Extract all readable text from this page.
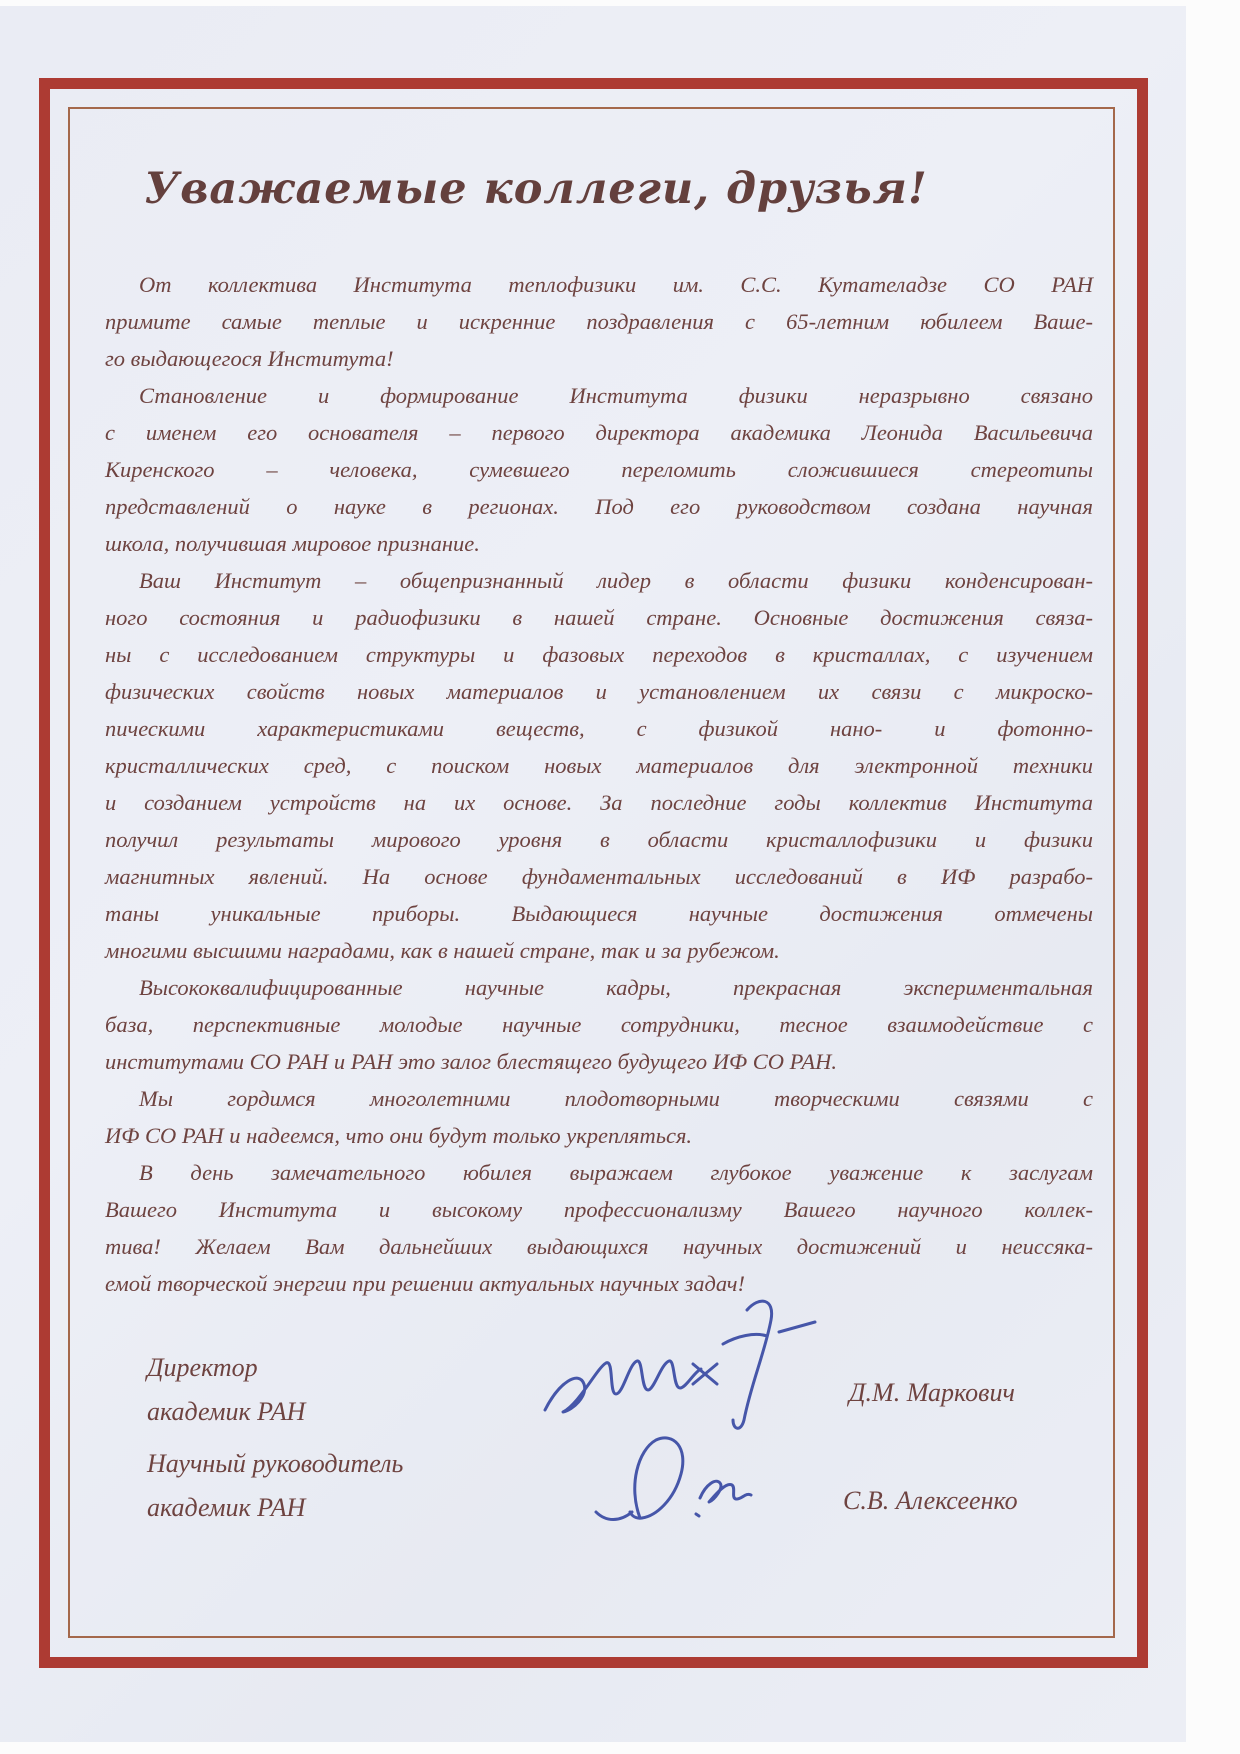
Уважаемые коллеги, друзья!
От коллектива Института теплофизики им. С.С. Кутателадзе СО РАН
примите самые теплые и искренние поздравления с 65-летним юбилеем Ваше-
го выдающегося Института!
Становление и формирование Института физики неразрывно связано
с именем его основателя – первого директора академика Леонида Васильевича
Киренского – человека, сумевшего переломить сложившиеся стереотипы
представлений о науке в регионах. Под его руководством создана научная
школа, получившая мировое признание.
Ваш Институт – общепризнанный лидер в области физики конденсирован-
ного состояния и радиофизики в нашей стране. Основные достижения связа-
ны с исследованием структуры и фазовых переходов в кристаллах, с изучением
физических свойств новых материалов и установлением их связи с микроско-
пическими характеристиками веществ, с физикой нано- и фотонно-
кристаллических сред, с поиском новых материалов для электронной техники
и созданием устройств на их основе. За последние годы коллектив Института
получил результаты мирового уровня в области кристаллофизики и физики
магнитных явлений. На основе фундаментальных исследований в ИФ разрабо-
таны уникальные приборы. Выдающиеся научные достижения отмечены
многими высшими наградами, как в нашей стране, так и за рубежом.
Высококвалифицированные научные кадры, прекрасная экспериментальная
база, перспективные молодые научные сотрудники, тесное взаимодействие с
институтами СО РАН и РАН это залог блестящего будущего ИФ СО РАН.
Мы гордимся многолетними плодотворными творческими связями с
ИФ СО РАН и надеемся, что они будут только укрепляться.
В день замечательного юбилея выражаем глубокое уважение к заслугам
Вашего Института и высокому профессионализму Вашего научного коллек-
тива! Желаем Вам дальнейших выдающихся научных достижений и неиссяка-
емой творческой энергии при решении актуальных научных задач!
Директор
академик РАН
Д.М. Маркович
Научный руководитель
академик РАН	С.В. Алексеенко
